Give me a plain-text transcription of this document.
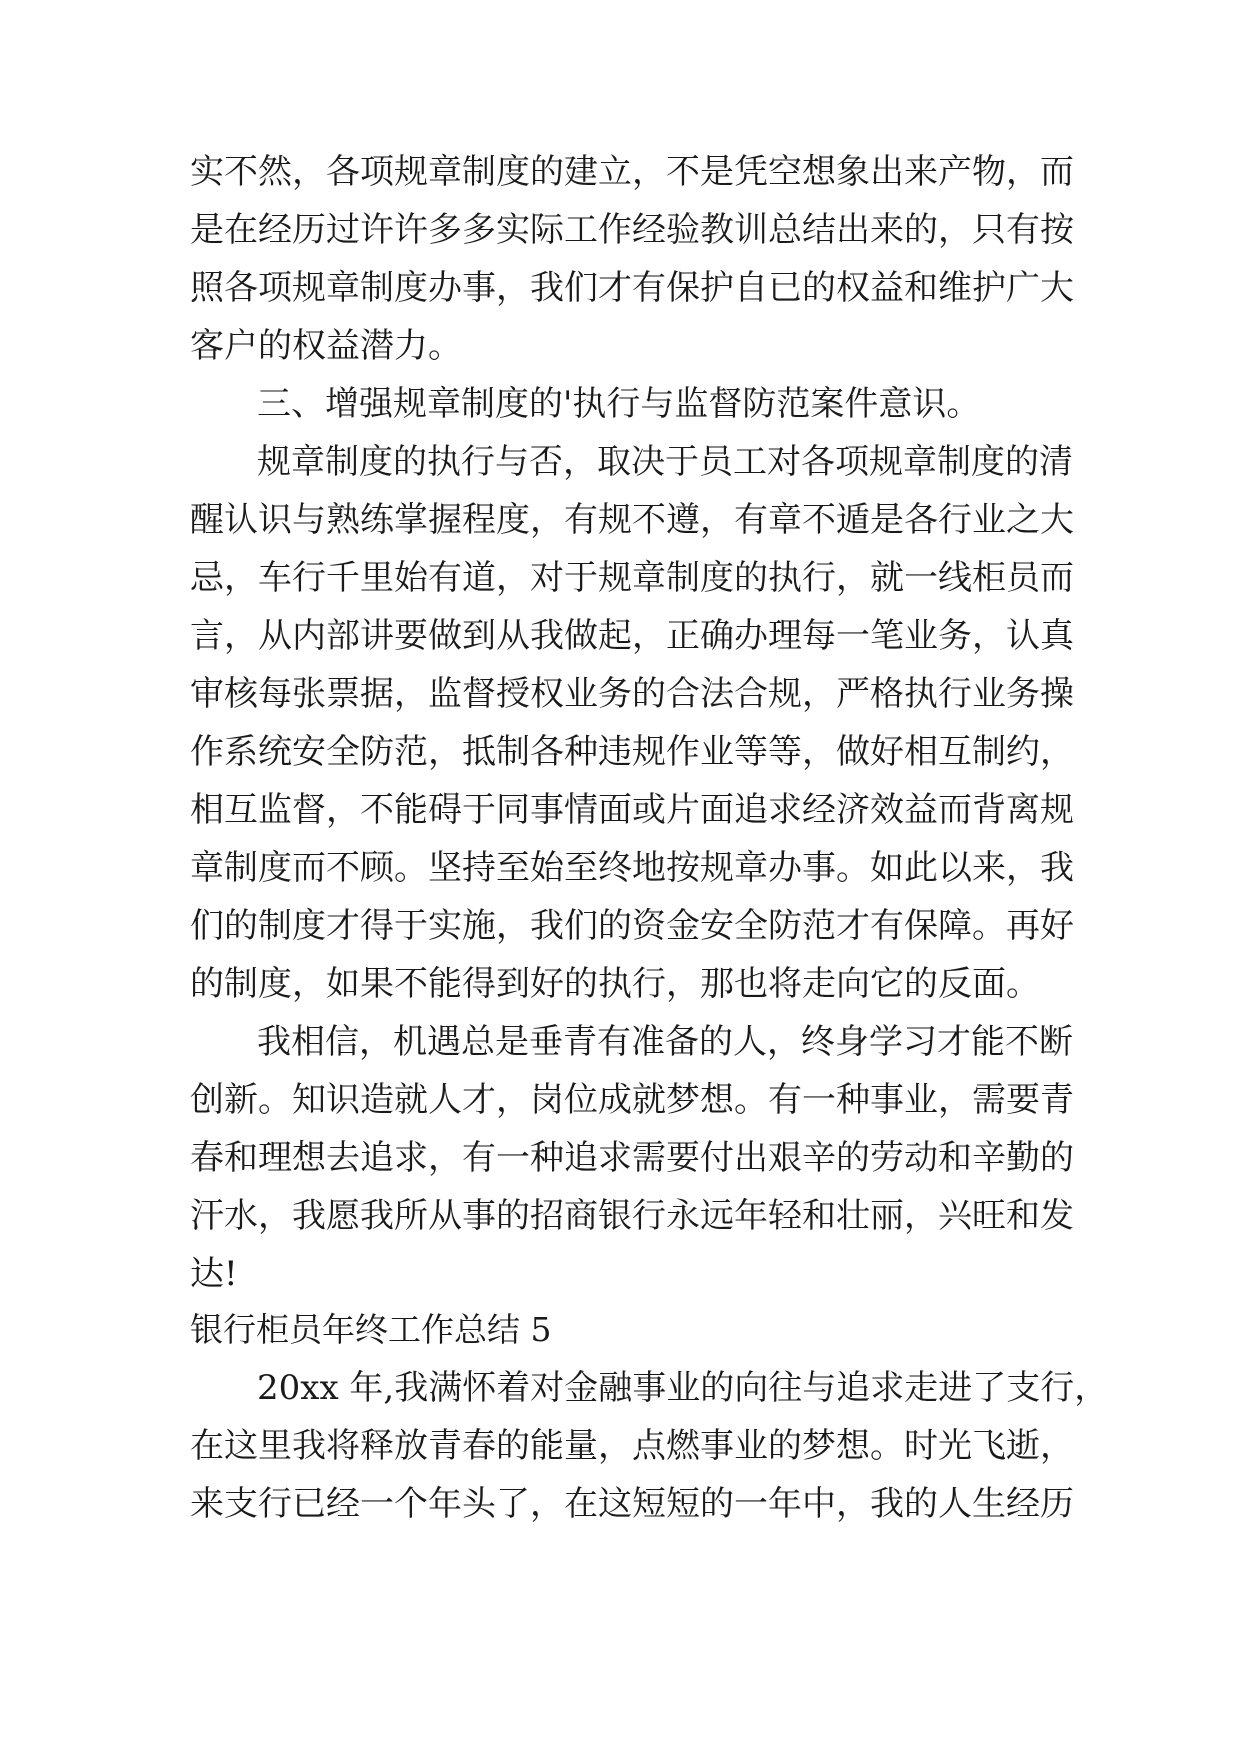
实不然，各项规章制度的建立，不是凭空想象出来产物，而
是在经历过许许多多实际工作经验教训总结出来的，只有按
照各项规章制度办事，我们才有保护自已的权益和维护广大
客户的权益潜力。
三、增强规章制度的'执行与监督防范案件意识。
规章制度的执行与否，取决于员工对各项规章制度的清
醒认识与熟练掌握程度，有规不遵，有章不遁是各行业之大
忌，车行千里始有道，对于规章制度的执行，就一线柜员而
言，从内部讲要做到从我做起，正确办理每一笔业务，认真
审核每张票据，监督授权业务的合法合规，严格执行业务操
作系统安全防范，抵制各种违规作业等等，做好相互制约，
相互监督，不能碍于同事情面或片面追求经济效益而背离规
章制度而不顾。坚持至始至终地按规章办事。如此以来，我
们的制度才得于实施，我们的资金安全防范才有保障。再好
的制度，如果不能得到好的执行，那也将走向它的反面。
我相信，机遇总是垂青有准备的人，终身学习才能不断
创新。知识造就人才，岗位成就梦想。有一种事业，需要青
春和理想去追求，有一种追求需要付出艰辛的劳动和辛勤的
汗水，我愿我所从事的招商银行永远年轻和壮丽，兴旺和发
达!
银行柜员年终工作总结 5
20xx 年,我满怀着对金融事业的向往与追求走进了支行，
在这里我将释放青春的能量，点燃事业的梦想。时光飞逝，
来支行已经一个年头了，在这短短的一年中，我的人生经历
